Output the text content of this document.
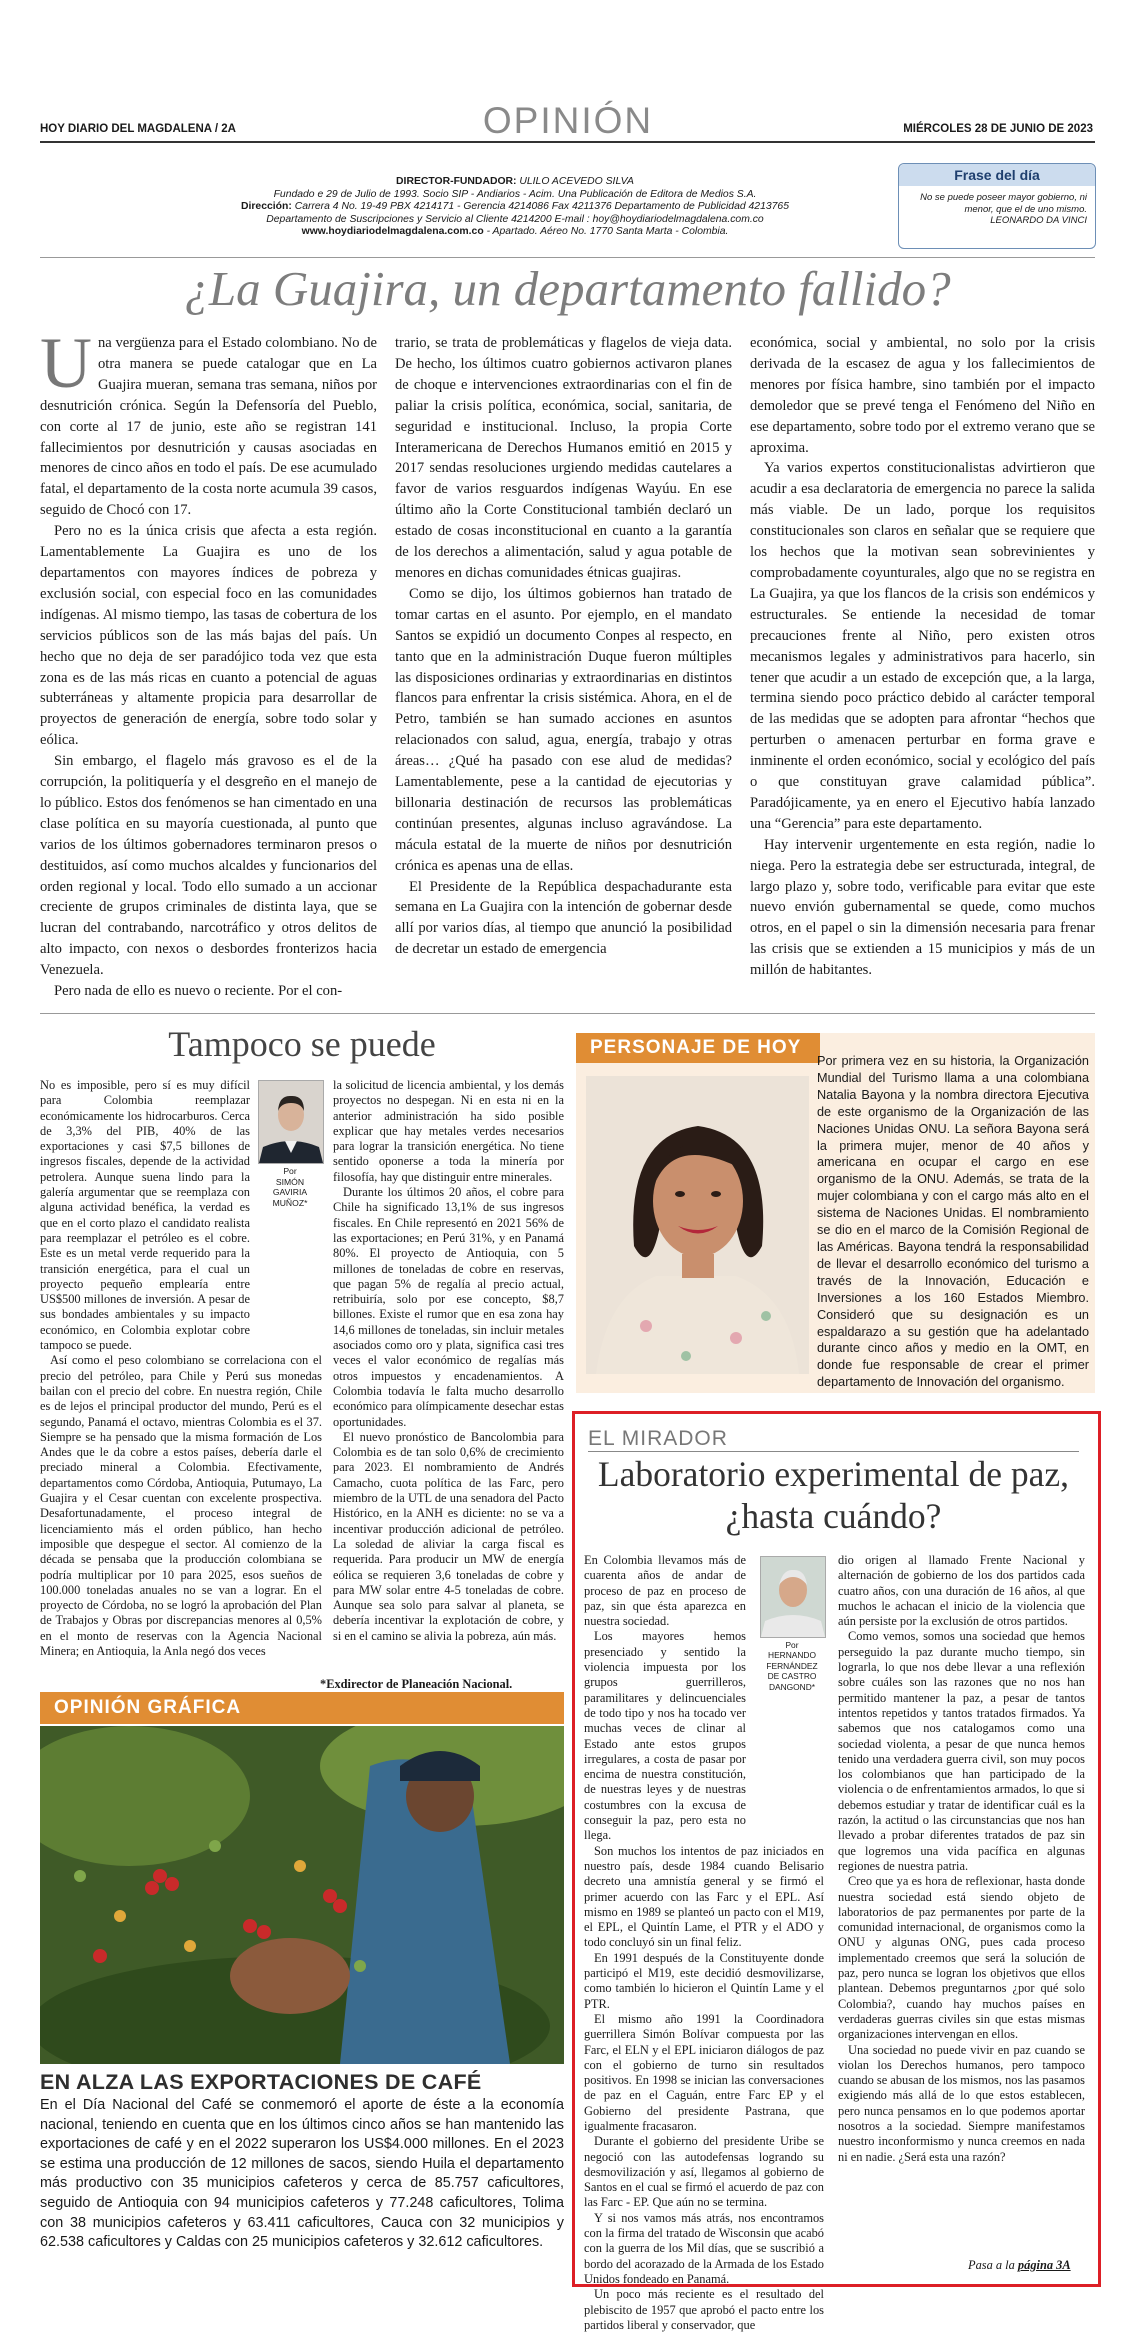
HOY DIARIO DEL MAGDALENA / 2A	OPINIÓN	MIÉRCOLES 28 DE JUNIO DE 2023
DIRECTOR-FUNDADOR: ULILO ACEVEDO SILVA
Fundado e 29 de Julio de 1993. Socio SIP - Andiarios - Acim. Una Publicación de Editora de Medios S.A.
Dirección: Carrera 4 No. 19-49 PBX 4214171 - Gerencia 4214086 Fax 4211376 Departamento de Publicidad 4213765
Departamento de Suscripciones y Servicio al Cliente 4214200 E-mail : hoy@hoydiariodelmagdalena.com.co
www.hoydiariodelmagdalena.com.co - Apartado. Aéreo No. 1770 Santa Marta - Colombia.
Frase del día
No se puede poseer mayor gobierno, ni menor, que el de uno mismo.
LEONARDO DA VINCI
¿La Guajira, un departamento fallido?

Una vergüenza para el Estado colombiano. No de otra manera se puede catalogar que en La Guajira mueran, semana tras semana, niños por desnutrición crónica. Según la Defensoría del Pueblo, con corte al 17 de junio, este año se registran 141 fallecimientos por desnutrición y causas asociadas en menores de cinco años en todo el país. De ese acumulado fatal, el departamento de la costa norte acumula 39 casos, seguido de Chocó con 17.

Pero no es la única crisis que afecta a esta región. Lamentablemente La Guajira es uno de los departamentos con mayores índices de pobreza y exclusión social, con especial foco en las comunidades indígenas. Al mismo tiempo, las tasas de cobertura de los servicios públicos son de las más bajas del país. Un hecho que no deja de ser paradójico toda vez que esta zona es de las más ricas en cuanto a potencial de aguas subterráneas y altamente propicia para desarrollar de proyectos de generación de energía, sobre todo solar y eólica.

Sin embargo, el flagelo más gravoso es el de la corrupción, la politiquería y el desgreño en el manejo de lo público. Estos dos fenómenos se han cimentado en una clase política en su mayoría cuestionada, al punto que varios de los últimos gobernadores terminaron presos o destituidos, así como muchos alcaldes y funcionarios del orden regional y local. Todo ello sumado a un accionar creciente de grupos criminales de distinta laya, que se lucran del contrabando, narcotráfico y otros delitos de alto impacto, con nexos o desbordes fronterizos hacia Venezuela.

Pero nada de ello es nuevo o reciente. Por el con-

trario, se trata de problemáticas y flagelos de vieja data. De hecho, los últimos cuatro gobiernos activaron planes de choque e intervenciones extraordinarias con el fin de paliar la crisis política, económica, social, sanitaria, de seguridad e institucional. Incluso, la propia Corte Interamericana de Derechos Humanos emitió en 2015 y 2017 sendas resoluciones urgiendo medidas cautelares a favor de varios resguardos indígenas Wayúu. En ese último año la Corte Constitucional también declaró un estado de cosas inconstitucional en cuanto a la garantía de los derechos a alimentación, salud y agua potable de menores en dichas comunidades étnicas guajiras.

Como se dijo, los últimos gobiernos han tratado de tomar cartas en el asunto. Por ejemplo, en el mandato Santos se expidió un documento Conpes al respecto, en tanto que en la administración Duque fueron múltiples las disposiciones ordinarias y extraordinarias en distintos flancos para enfrentar la crisis sistémica. Ahora, en el de Petro, también se han sumado acciones en asuntos relacionados con salud, agua, energía, trabajo y otras áreas… ¿Qué ha pasado con ese alud de medidas? Lamentablemente, pese a la cantidad de ejecutorias y billonaria destinación de recursos las problemáticas continúan presentes, algunas incluso agravándose. La mácula estatal de la muerte de niños por desnutrición crónica es apenas una de ellas.

El Presidente de la República despachadurante esta semana en La Guajira con la intención de gobernar desde allí por varios días, al tiempo que anunció la posibilidad de decretar un estado de emergencia

económica, social y ambiental, no solo por la crisis derivada de la escasez de agua y los fallecimientos de menores por física hambre, sino también por el impacto demoledor que se prevé tenga el Fenómeno del Niño en ese departamento, sobre todo por el extremo verano que se aproxima.

Ya varios expertos constitucionalistas advirtieron que acudir a esa declaratoria de emergencia no parece la salida más viable. De un lado, porque los requisitos constitucionales son claros en señalar que se requiere que los hechos que la motivan sean sobrevinientes y comprobadamente coyunturales, algo que no se registra en La Guajira, ya que los flancos de la crisis son endémicos y estructurales. Se entiende la necesidad de tomar precauciones frente al Niño, pero existen otros mecanismos legales y administrativos para hacerlo, sin tener que acudir a un estado de excepción que, a la larga, termina siendo poco práctico debido al carácter temporal de las medidas que se adopten para afrontar “hechos que perturben o amenacen perturbar en forma grave e inminente el orden económico, social y ecológico del país o que constituyan grave calamidad pública”. Paradójicamente, ya en enero el Ejecutivo había lanzado una “Gerencia” para este departamento.

Hay intervenir urgentemente en esta región, nadie lo niega. Pero la estrategia debe ser estructurada, integral, de largo plazo y, sobre todo, verificable para evitar que este nuevo envión gubernamental se quede, como muchos otros, en el papel o sin la dimensión necesaria para frenar las crisis que se extienden a 15 municipios y más de un millón de habitantes.

Tampoco se puede
Por
SIMÓN
GAVIRIA
MUÑOZ*

No es imposible, pero sí es muy difícil para Colombia reemplazar económicamente los hidrocarburos. Cerca de 3,3% del PIB, 40% de las exportaciones y casi $7,5 billones de ingresos fiscales, depende de la actividad petrolera. Aunque suena lindo para la galería argumentar que se reemplaza con alguna actividad benéfica, la verdad es que en el corto plazo el candidato realista para reemplazar el petróleo es el cobre. Este es un metal verde requerido para la transición energética, para el cual un proyecto pequeño emplearía entre US$500 millones de inversión. A pesar de sus bondades ambientales y su impacto económico, en Colombia explotar cobre tampoco se puede.

Así como el peso colombiano se correlaciona con el precio del petróleo, para Chile y Perú sus monedas bailan con el precio del cobre. En nuestra región, Chile es de lejos el principal productor del mundo, Perú es el segundo, Panamá el octavo, mientras Colombia es el 37. Siempre se ha pensado que la misma formación de Los Andes que le da cobre a estos países, debería darle el preciado mineral a Colombia. Efectivamente, departamentos como Córdoba, Antioquia, Putumayo, La Guajira y el Cesar cuentan con excelente prospectiva. Desafortunadamente, el proceso integral de licenciamiento más el orden público, han hecho imposible que despegue el sector. Al comienzo de la década se pensaba que la producción colombiana se podría multiplicar por 10 para 2025, esos sueños de 100.000 toneladas anuales no se van a lograr. En el proyecto de Córdoba, no se logró la aprobación del Plan de Trabajos y Obras por discrepancias menores al 0,5% en el monto de reservas con la Agencia Nacional Minera; en Antioquia, la Anla negó dos veces

la solicitud de licencia ambiental, y los demás proyectos no despegan. Ni en esta ni en la anterior administración ha sido posible explicar que hay metales verdes necesarios para lograr la transición energética. No tiene sentido oponerse a toda la minería por filosofía, hay que distinguir entre minerales.

Durante los últimos 20 años, el cobre para Chile ha significado 13,1% de sus ingresos fiscales. En Chile representó en 2021 56% de las exportaciones; en Perú 31%, y en Panamá 80%. El proyecto de Antioquia, con 5 millones de toneladas de cobre en reservas, que pagan 5% de regalía al precio actual, retribuiría, solo por ese concepto, $8,7 billones. Existe el rumor que en esa zona hay 14,6 millones de toneladas, sin incluir metales asociados como oro y plata, significa casi tres veces el valor económico de regalías más otros impuestos y encadenamientos. A Colombia todavía le falta mucho desarrollo económico para olímpicamente desechar estas oportunidades.

El nuevo pronóstico de Bancolombia para Colombia es de tan solo 0,6% de crecimiento para 2023. El nombramiento de Andrés Camacho, cuota política de las Farc, pero miembro de la UTL de una senadora del Pacto Histórico, en la ANH es diciente: no se va a incentivar producción adicional de petróleo. La soledad de aliviar la carga fiscal es requerida. Para producir un MW de energía eólica se requieren 3,6 toneladas de cobre y para MW solar entre 4-5 toneladas de cobre. Aunque sea solo para salvar al planeta, se debería incentivar la explotación de cobre, y si en el camino se alivia la pobreza, aún más.

*Exdirector de Planeación Nacional.
PERSONAJE DE HOY
Por primera vez en su historia, la Organización Mundial del Turismo llama a una colombiana Natalia Bayona y la nombra directora Ejecutiva de este organismo de la Organización de las Naciones Unidas ONU. La señora Bayona será la primera mujer, menor de 40 años y americana en ocupar el cargo en ese organismo de la ONU. Además, se trata de la mujer colombiana y con el cargo más alto en el sistema de Naciones Unidas. El nombramiento se dio en el marco de la Comisión Regional de las Américas. Bayona tendrá la responsabilidad de llevar el desarrollo económico del turismo a través de la Innovación, Educación e Inversiones a los 160 Estados Miembro. Consideró que su designación es un espaldarazo a su gestión que ha adelantado durante cinco años y medio en la OMT, en donde fue responsable de crear el primer departamento de Innovación del organismo.
EL MIRADOR
Laboratorio experimental de paz, ¿hasta cuándo?
Por
HERNANDO
FERNÁNDEZ
DE CASTRO
DANGOND*

En Colombia llevamos más de cuarenta años de andar de proceso de paz en proceso de paz, sin que ésta aparezca en nuestra sociedad.

Los mayores hemos presenciado y sentido la violencia impuesta por los grupos guerrilleros, paramilitares y delincuenciales de todo tipo y nos ha tocado ver muchas veces de clinar al Estado ante estos grupos irregulares, a costa de pasar por encima de nuestra constitución, de nuestras leyes y de nuestras costumbres con la excusa de conseguir la paz, pero esta no llega.

Son muchos los intentos de paz iniciados en nuestro país, desde 1984 cuando Belisario decreto una amnistía general y se firmó el primer acuerdo con las Farc y el EPL. Así mismo en 1989 se planteó un pacto con el M19, el EPL, el Quintín Lame, el PTR y el ADO y todo concluyó sin un final feliz.

En 1991 después de la Constituyente donde participó el M19, este decidió desmovilizarse, como también lo hicieron el Quintín Lame y el PTR.

El mismo año 1991 la Coordinadora guerrillera Simón Bolívar compuesta por las Farc, el ELN y el EPL iniciaron diálogos de paz con el gobierno de turno sin resultados positivos. En 1998 se inician las conversaciones de paz en el Caguán, entre Farc EP y el Gobierno del presidente Pastrana, que igualmente fracasaron.

Durante el gobierno del presidente Uribe se negoció con las autodefensas logrando su desmovilización y así, llegamos al gobierno de Santos en el cual se firmó el acuerdo de paz con las Farc - EP. Que aún no se termina.

Y si nos vamos más atrás, nos encontramos con la firma del tratado de Wisconsin que acabó con la guerra de los Mil días, que se suscribió a bordo del acorazado de la Armada de los Estado Unidos fondeado en Panamá.

Un poco más reciente es el resultado del plebiscito de 1957 que aprobó el pacto entre los partidos liberal y conservador, que

dio origen al llamado Frente Nacional y alternación de gobierno de los dos partidos cada cuatro años, con una duración de 16 años, al que muchos le achacan el inicio de la violencia que aún persiste por la exclusión de otros partidos.

Como vemos, somos una sociedad que hemos perseguido la paz durante mucho tiempo, sin lograrla, lo que nos debe llevar a una reflexión sobre cuáles son las razones que no nos han permitido mantener la paz, a pesar de tantos intentos repetidos y tantos tratados firmados. Ya sabemos que nos catalogamos como una sociedad violenta, a pesar de que nunca hemos tenido una verdadera guerra civil, son muy pocos los colombianos que han participado de la violencia o de enfrentamientos armados, lo que si debemos estudiar y tratar de identificar cuál es la razón, la actitud o las circunstancias que nos han llevado a probar diferentes tratados de paz sin que logremos una vida pacífica en algunas regiones de nuestra patria.

Creo que ya es hora de reflexionar, hasta donde nuestra sociedad está siendo objeto de laboratorios de paz permanentes por parte de la comunidad internacional, de organismos como la ONU y algunas ONG, pues cada proceso implementado creemos que será la solución de paz, pero nunca se logran los objetivos que ellos plantean. Debemos preguntarnos ¿por qué solo Colombia?, cuando hay muchos países en verdaderas guerras civiles sin que estas mismas organizaciones intervengan en ellos.

Una sociedad no puede vivir en paz cuando se violan los Derechos humanos, pero tampoco cuando se abusan de los mismos, nos las pasamos exigiendo más allá de lo que estos establecen, pero nunca pensamos en lo que podemos aportar nosotros a la sociedad. Siempre manifestamos nuestro inconformismo y nunca creemos en nada ni en nadie. ¿Será esta una razón?

Pasa a la página 3A
OPINIÓN GRÁFICA
EN ALZA LAS EXPORTACIONES DE CAFÉ
En el Día Nacional del Café se conmemoró el aporte de éste a la economía nacional, teniendo en cuenta que en los últimos cinco años se han mantenido las exportaciones de café y en el 2022 superaron los US$4.000 millones. En el 2023 se estima una producción de 12 millones de sacos, siendo Huila el departamento más productivo con 35 municipios cafeteros y cerca de 85.757 caficultores, seguido de Antioquia con 94 municipios cafeteros y 77.248 caficultores, Tolima con 38 municipios cafeteros y 63.411 caficultores, Cauca con 32 municipios y 62.538 caficultores y Caldas con 25 municipios cafeteros y 32.612 caficultores.
